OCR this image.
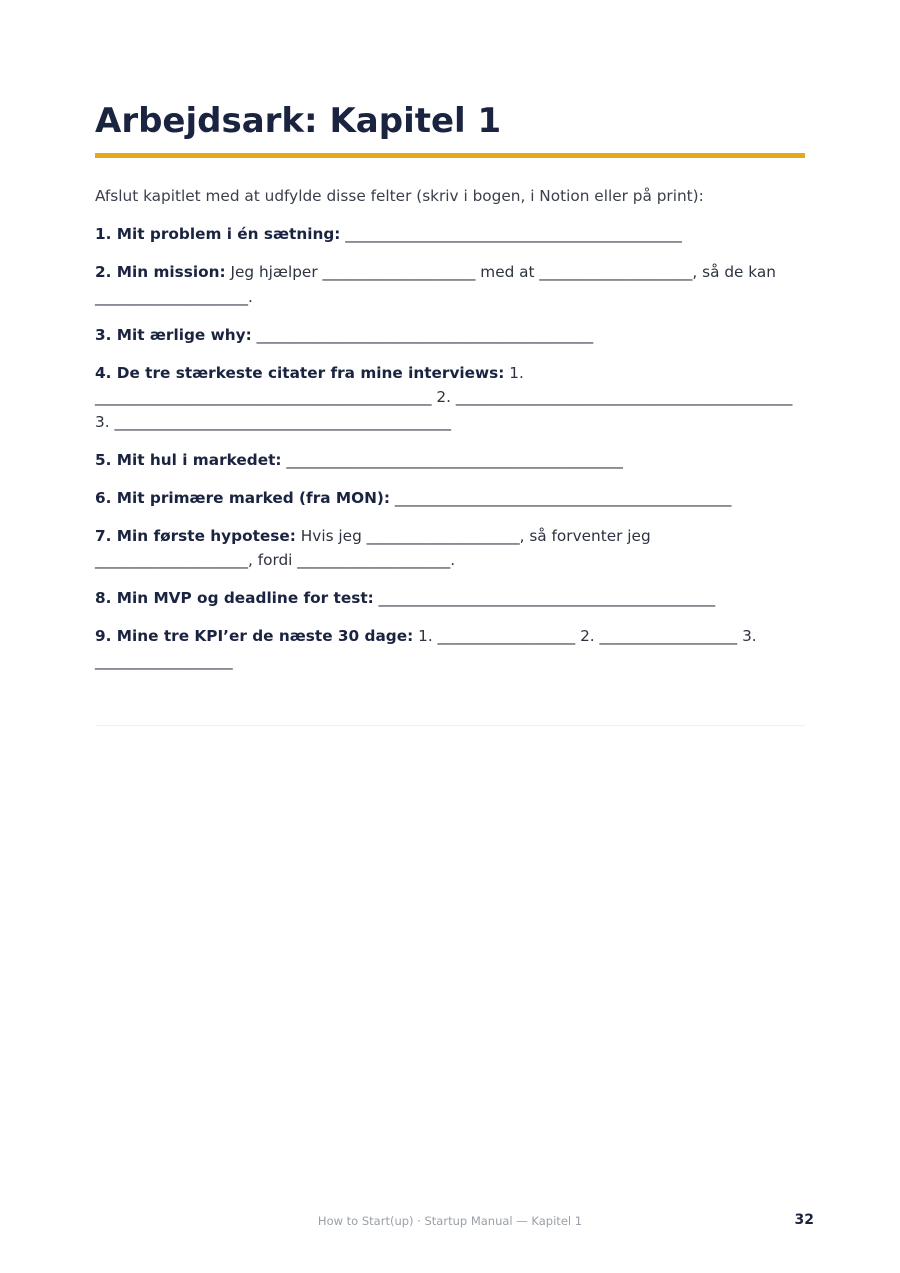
Arbejdsark: Kapitel 1

Afslut kapitlet med at udfylde disse felter (skriv i bogen, i Notion eller på print):

1. Mit problem i én sætning: ____________________________________________

2. Min mission: Jeg hjælper ____________________ med at ____________________, så de kan ____________________.

3. Mit ærlige why: ____________________________________________

4. De tre stærkeste citater fra mine interviews: 1. ____________________________________________ 2. ____________________________________________ 3. ____________________________________________

5. Mit hul i markedet: ____________________________________________

6. Mit primære marked (fra MON): ____________________________________________

7. Min første hypotese: Hvis jeg ____________________, så forventer jeg ____________________, fordi ____________________.

8. Min MVP og deadline for test: ____________________________________________

9. Mine tre KPI’er de næste 30 dage: 1. __________________ 2. __________________ 3. __________________

How to Start(up) · Startup Manual — Kapitel 1	32
